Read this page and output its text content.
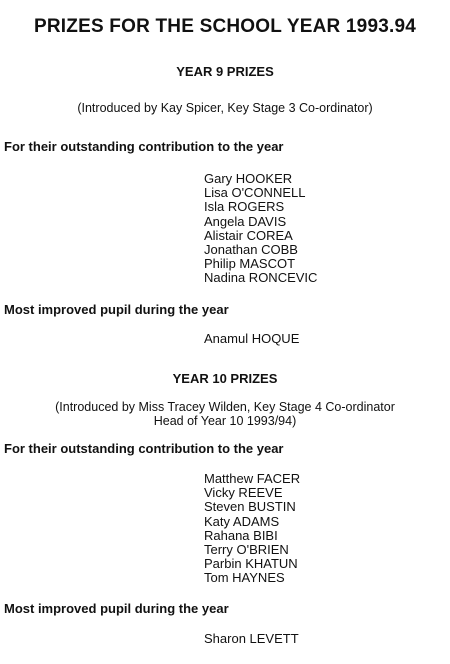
PRIZES FOR THE SCHOOL YEAR 1993.94
YEAR 9 PRIZES
(Introduced by Kay Spicer, Key Stage 3 Co-ordinator)
For their outstanding contribution to the year
Gary HOOKER
Lisa O'CONNELL
Isla ROGERS
Angela DAVIS
Alistair COREA
Jonathan COBB
Philip MASCOT
Nadina RONCEVIC
Most improved pupil during the year
Anamul HOQUE
YEAR 10 PRIZES
(Introduced by Miss Tracey Wilden, Key Stage 4 Co-ordinator
Head of Year 10 1993/94)
For their outstanding contribution to the year
Matthew FACER
Vicky REEVE
Steven BUSTIN
Katy ADAMS
Rahana BIBI
Terry O'BRIEN
Parbin KHATUN
Tom HAYNES
Most improved pupil during the year
Sharon LEVETT
